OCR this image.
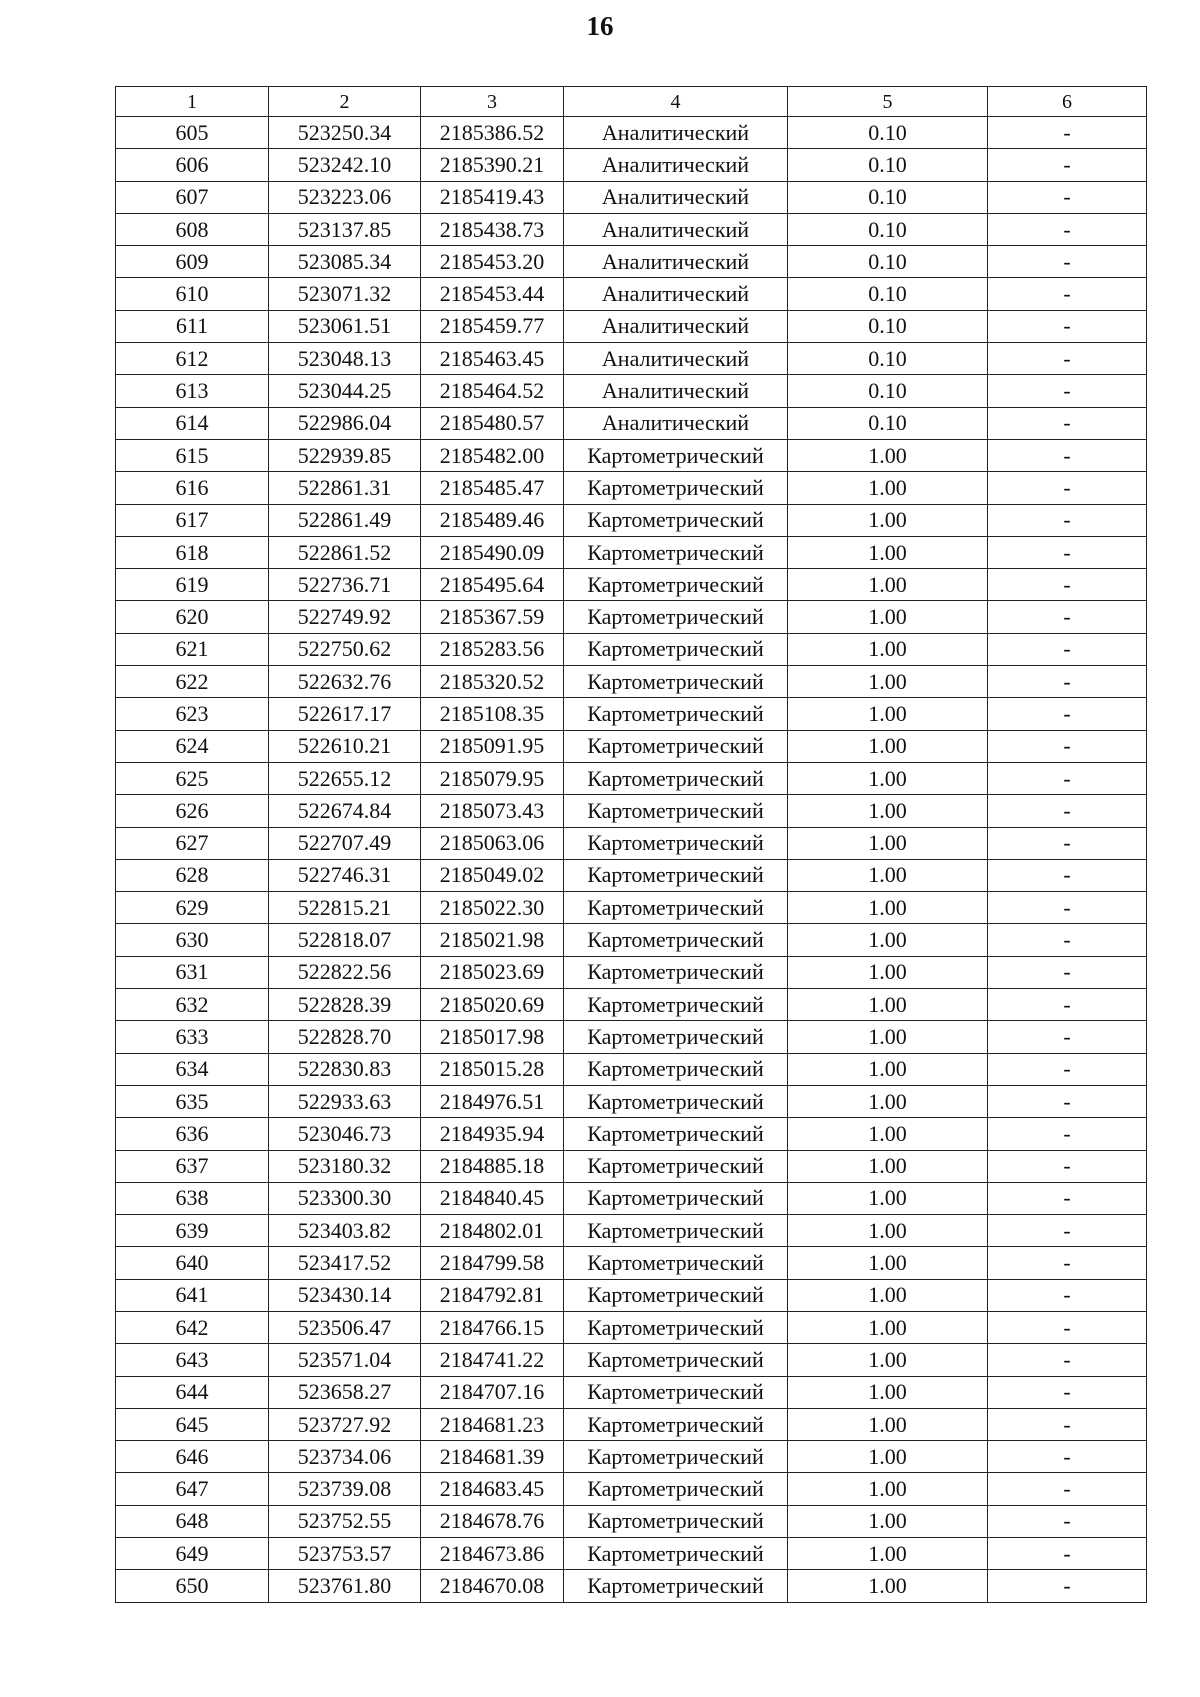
16
1	2	3	4	5	6
605	523250.34	2185386.52	Аналитический	0.10	-
606	523242.10	2185390.21	Аналитический	0.10	-
607	523223.06	2185419.43	Аналитический	0.10	-
608	523137.85	2185438.73	Аналитический	0.10	-
609	523085.34	2185453.20	Аналитический	0.10	-
610	523071.32	2185453.44	Аналитический	0.10	-
611	523061.51	2185459.77	Аналитический	0.10	-
612	523048.13	2185463.45	Аналитический	0.10	-
613	523044.25	2185464.52	Аналитический	0.10	-
614	522986.04	2185480.57	Аналитический	0.10	-
615	522939.85	2185482.00	Картометрический	1.00	-
616	522861.31	2185485.47	Картометрический	1.00	-
617	522861.49	2185489.46	Картометрический	1.00	-
618	522861.52	2185490.09	Картометрический	1.00	-
619	522736.71	2185495.64	Картометрический	1.00	-
620	522749.92	2185367.59	Картометрический	1.00	-
621	522750.62	2185283.56	Картометрический	1.00	-
622	522632.76	2185320.52	Картометрический	1.00	-
623	522617.17	2185108.35	Картометрический	1.00	-
624	522610.21	2185091.95	Картометрический	1.00	-
625	522655.12	2185079.95	Картометрический	1.00	-
626	522674.84	2185073.43	Картометрический	1.00	-
627	522707.49	2185063.06	Картометрический	1.00	-
628	522746.31	2185049.02	Картометрический	1.00	-
629	522815.21	2185022.30	Картометрический	1.00	-
630	522818.07	2185021.98	Картометрический	1.00	-
631	522822.56	2185023.69	Картометрический	1.00	-
632	522828.39	2185020.69	Картометрический	1.00	-
633	522828.70	2185017.98	Картометрический	1.00	-
634	522830.83	2185015.28	Картометрический	1.00	-
635	522933.63	2184976.51	Картометрический	1.00	-
636	523046.73	2184935.94	Картометрический	1.00	-
637	523180.32	2184885.18	Картометрический	1.00	-
638	523300.30	2184840.45	Картометрический	1.00	-
639	523403.82	2184802.01	Картометрический	1.00	-
640	523417.52	2184799.58	Картометрический	1.00	-
641	523430.14	2184792.81	Картометрический	1.00	-
642	523506.47	2184766.15	Картометрический	1.00	-
643	523571.04	2184741.22	Картометрический	1.00	-
644	523658.27	2184707.16	Картометрический	1.00	-
645	523727.92	2184681.23	Картометрический	1.00	-
646	523734.06	2184681.39	Картометрический	1.00	-
647	523739.08	2184683.45	Картометрический	1.00	-
648	523752.55	2184678.76	Картометрический	1.00	-
649	523753.57	2184673.86	Картометрический	1.00	-
650	523761.80	2184670.08	Картометрический	1.00	-
